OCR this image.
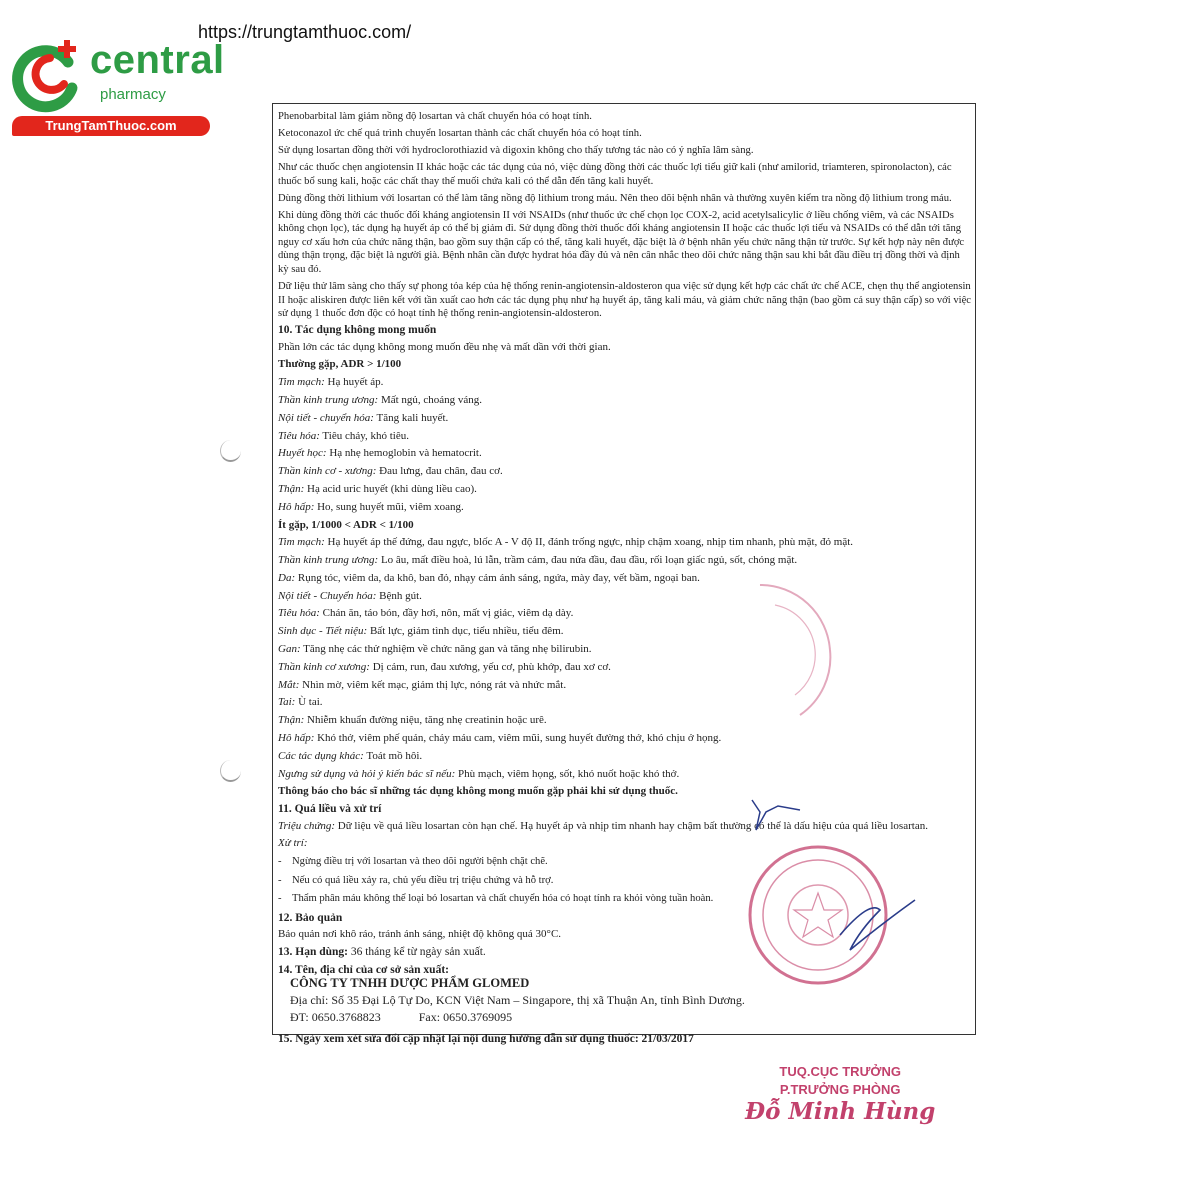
https://trungtamthuoc.com/
central
pharmacy
TrungTamThuoc.com

Phenobarbital làm giảm nồng độ losartan và chất chuyển hóa có hoạt tính.

Ketoconazol ức chế quá trình chuyển losartan thành các chất chuyển hóa có hoạt tính.

Sử dụng losartan đồng thời với hydroclorothiazid và digoxin không cho thấy tương tác nào có ý nghĩa lâm sàng.

Như các thuốc chẹn angiotensin II khác hoặc các tác dụng của nó, việc dùng đồng thời các thuốc lợi tiểu giữ kali (như amilorid, triamteren, spironolacton), các thuốc bổ sung kali, hoặc các chất thay thế muối chứa kali có thể dẫn đến tăng kali huyết.

Dùng đồng thời lithium với losartan có thể làm tăng nồng độ lithium trong máu. Nên theo dõi bệnh nhân và thường xuyên kiểm tra nồng độ lithium trong máu.

Khi dùng đồng thời các thuốc đối kháng angiotensin II với NSAIDs (như thuốc ức chế chọn lọc COX-2, acid acetylsalicylic ở liều chống viêm, và các NSAIDs không chọn lọc), tác dụng hạ huyết áp có thể bị giảm đi. Sử dụng đồng thời thuốc đối kháng angiotensin II hoặc các thuốc lợi tiểu và NSAIDs có thể dẫn tới tăng nguy cơ xấu hơn của chức năng thận, bao gồm suy thận cấp có thể, tăng kali huyết, đặc biệt là ở bệnh nhân yếu chức năng thận từ trước. Sự kết hợp này nên được dùng thận trọng, đặc biệt là người già. Bệnh nhân cần được hydrat hóa đầy đủ và nên cân nhắc theo dõi chức năng thận sau khi bắt đầu điều trị đồng thời và định kỳ sau đó.

Dữ liệu thử lâm sàng cho thấy sự phong tỏa kép của hệ thống renin-angiotensin-aldosteron qua việc sử dụng kết hợp các chất ức chế ACE, chẹn thụ thể angiotensin II hoặc aliskiren được liên kết với tần xuất cao hơn các tác dụng phụ như hạ huyết áp, tăng kali máu, và giảm chức năng thận (bao gồm cả suy thận cấp) so với việc sử dụng 1 thuốc đơn độc có hoạt tính hệ thống renin-angiotensin-aldosteron.

10. Tác dụng không mong muốn
Phần lớn các tác dụng không mong muốn đều nhẹ và mất dần với thời gian.
Thường gặp, ADR > 1/100
Tim mạch: Hạ huyết áp.
Thần kinh trung ương: Mất ngủ, choáng váng.
Nội tiết - chuyển hóa: Tăng kali huyết.
Tiêu hóa: Tiêu chảy, khó tiêu.
Huyết học: Hạ nhẹ hemoglobin và hematocrit.
Thần kinh cơ - xương: Đau lưng, đau chân, đau cơ.
Thận: Hạ acid uric huyết (khi dùng liều cao).
Hô hấp: Ho, sung huyết mũi, viêm xoang.
Ít gặp, 1/1000 < ADR < 1/100
Tim mạch: Hạ huyết áp thế đứng, đau ngực, blốc A - V độ II, đánh trống ngực, nhịp chậm xoang, nhịp tim nhanh, phù mặt, đỏ mặt.
Thần kinh trung ương: Lo âu, mất điều hoà, lú lẫn, trầm cảm, đau nửa đầu, đau đầu, rối loạn giấc ngủ, sốt, chóng mặt.
Da: Rụng tóc, viêm da, da khô, ban đỏ, nhạy cảm ánh sáng, ngứa, mày đay, vết bầm, ngoại ban.
Nội tiết - Chuyển hóa: Bệnh gút.
Tiêu hóa: Chán ăn, táo bón, đầy hơi, nôn, mất vị giác, viêm dạ dày.
Sinh dục - Tiết niệu: Bất lực, giảm tình dục, tiểu nhiều, tiểu đêm.
Gan: Tăng nhẹ các thử nghiệm về chức năng gan và tăng nhẹ bilirubin.
Thần kinh cơ xương: Dị cảm, run, đau xương, yếu cơ, phù khớp, đau xơ cơ.
Mắt: Nhìn mờ, viêm kết mạc, giảm thị lực, nóng rát và nhức mắt.
Tai: Ù tai.
Thận: Nhiễm khuẩn đường niệu, tăng nhẹ creatinin hoặc urê.
Hô hấp: Khó thở, viêm phế quản, chảy máu cam, viêm mũi, sung huyết đường thở, khó chịu ở họng.
Các tác dụng khác: Toát mồ hôi.
Ngưng sử dụng và hỏi ý kiến bác sĩ nếu: Phù mạch, viêm họng, sốt, khó nuốt hoặc khó thở.
Thông báo cho bác sĩ những tác dụng không mong muốn gặp phải khi sử dụng thuốc.
11. Quá liều và xử trí
Triệu chứng: Dữ liệu về quá liều losartan còn hạn chế. Hạ huyết áp và nhịp tim nhanh hay chậm bất thường có thể là dấu hiệu của quá liều losartan.
Xử trí:
- Ngừng điều trị với losartan và theo dõi người bệnh chặt chẽ.
- Nếu có quá liều xảy ra, chủ yếu điều trị triệu chứng và hỗ trợ.
- Thẩm phân máu không thể loại bỏ losartan và chất chuyển hóa có hoạt tính ra khỏi vòng tuần hoàn.
12. Bảo quản
Bảo quản nơi khô ráo, tránh ánh sáng, nhiệt độ không quá 30°C.
13. Hạn dùng: 36 tháng kể từ ngày sản xuất.
14. Tên, địa chỉ của cơ sở sản xuất:

CÔNG TY TNHH DƯỢC PHẨM GLOMED

Địa chỉ: Số 35 Đại Lộ Tự Do, KCN Việt Nam – Singapore, thị xã Thuận An, tỉnh Bình Dương.

ĐT: 0650.3768823	Fax: 0650.3769095

15. Ngày xem xét sửa đổi cập nhật lại nội dung hướng dẫn sử dụng thuốc: 21/03/2017
TUQ.CỤC TRƯỞNG
P.TRƯỞNG PHÒNG
Đỗ Minh Hùng
